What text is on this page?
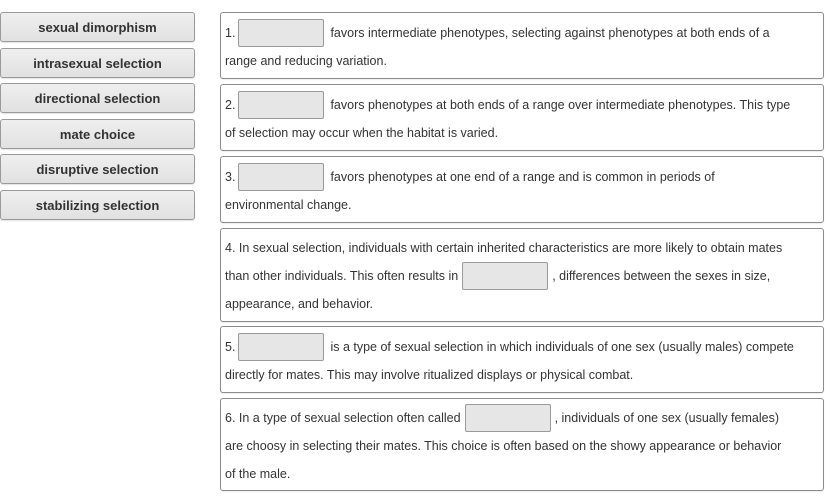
sexual dimorphism
intrasexual selection
directional selection
mate choice
disruptive selection
stabilizing selection
1.	favors intermediate phenotypes, selecting against phenotypes at both ends of a
range and reducing variation.
2.	favors phenotypes at both ends of a range over intermediate phenotypes. This type
of selection may occur when the habitat is varied.
3.	favors phenotypes at one end of a range and is common in periods of
environmental change.
4. In sexual selection, individuals with certain inherited characteristics are more likely to obtain mates
than other individuals. This often results in	, differences between the sexes in size,
appearance, and behavior.
5.	is a type of sexual selection in which individuals of one sex (usually males) compete
directly for mates. This may involve ritualized displays or physical combat.
6. In a type of sexual selection often called	, individuals of one sex (usually females)
are choosy in selecting their mates. This choice is often based on the showy appearance or behavior
of the male.
